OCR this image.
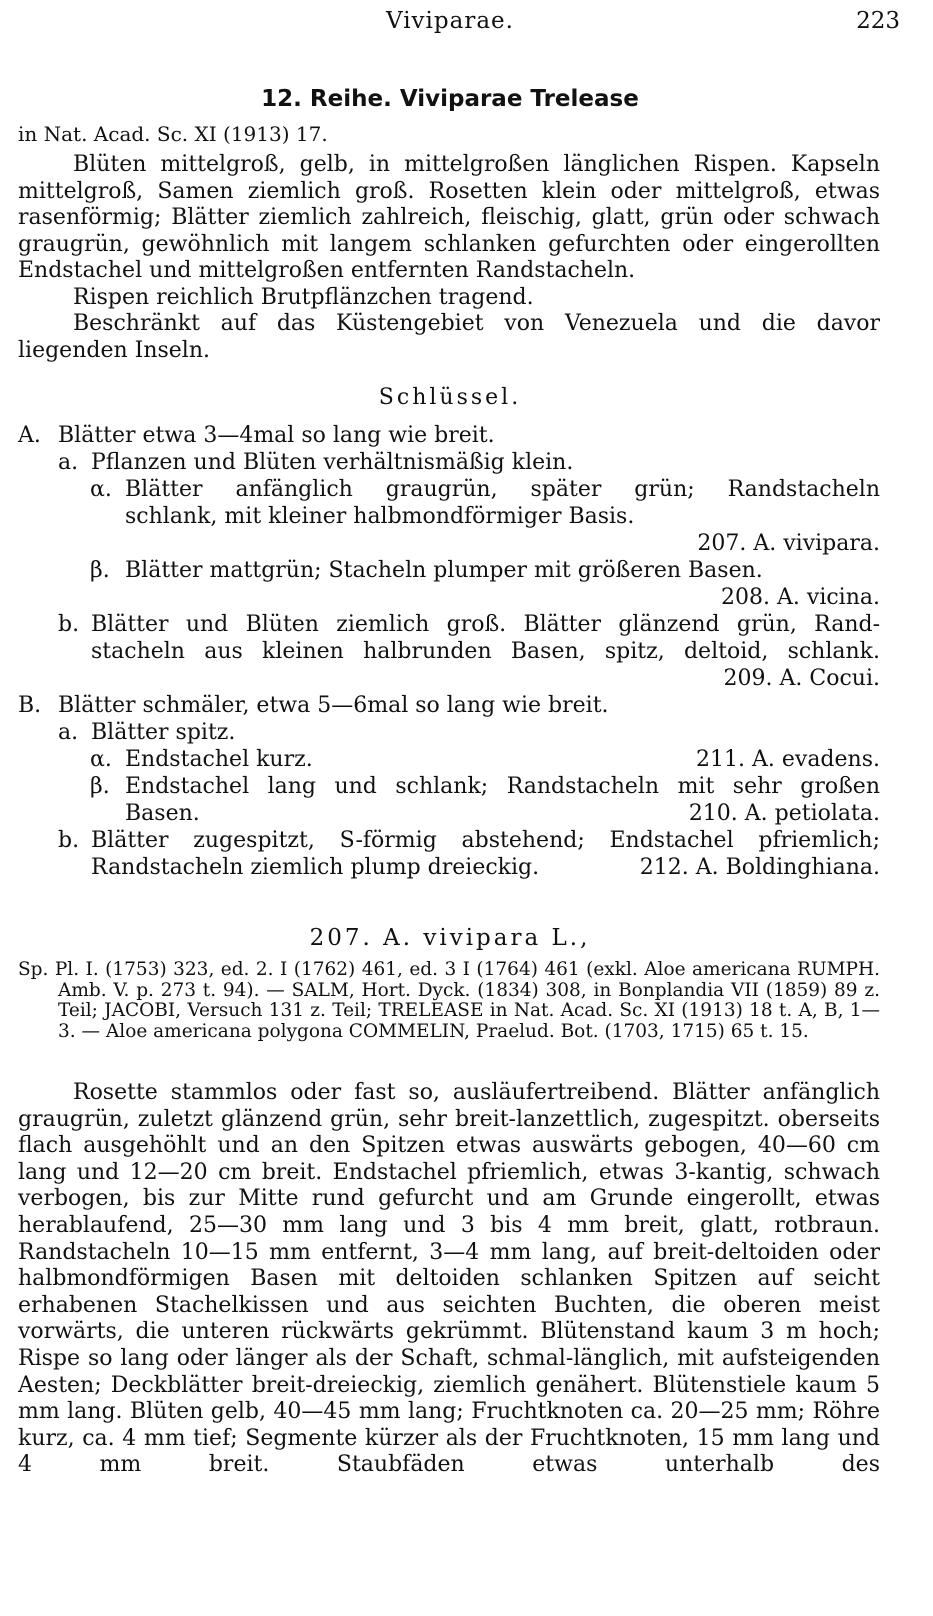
Viviparae.	223
12. Reihe. Viviparae Trelease
in Nat. Acad. Sc. XI (1913) 17.

Blüten mittelgroß, gelb, in mittelgroßen länglichen Rispen. Kapseln mittelgroß, Samen ziemlich groß. Rosetten klein oder mittelgroß, etwas rasenförmig; Blätter ziemlich zahlreich, fleischig, glatt, grün oder schwach graugrün, gewöhnlich mit langem schlanken gefurchten oder eingerollten Endstachel und mittelgroßen entfernten Randstacheln.

Rispen reichlich Brutpflänzchen tragend.

Beschränkt auf das Küstengebiet von Venezuela und die davor liegenden Inseln.

Schlüssel.
A. Blätter etwa 3—4mal so lang wie breit.
a. Pflanzen und Blüten verhältnismäßig klein.
α. Blätter anfänglich graugrün, später grün; Randstacheln
schlank, mit kleiner halbmondförmiger Basis.
207. A. vivipara.
β. Blätter mattgrün; Stacheln plumper mit größeren Basen.
208. A. vicina.
b. Blätter und Blüten ziemlich groß. Blätter glänzend grün, Rand-
stacheln aus kleinen halbrunden Basen, spitz, deltoid, schlank.
209. A. Cocui.
B. Blätter schmäler, etwa 5—6mal so lang wie breit.
a. Blätter spitz.
α. Endstachel kurz.	211. A. evadens.
β. Endstachel lang und schlank; Randstacheln mit sehr großen
Basen.	210. A. petiolata.
b. Blätter zugespitzt, S-förmig abstehend; Endstachel pfriemlich;
Randstacheln ziemlich plump dreieckig.	212. A. Boldinghiana.
207. A. vivipara L.,

Sp. Pl. I. (1753) 323, ed. 2. I (1762) 461, ed. 3 I (1764) 461 (exkl. Aloe americana RUMPH. Amb. V. p. 273 t. 94). — SALM, Hort. Dyck. (1834) 308, in Bonplandia VII (1859) 89 z. Teil; JACOBI, Versuch 131 z. Teil; TRELEASE in Nat. Acad. Sc. XI (1913) 18 t. A, B, 1—3. — Aloe americana polygona COMMELIN, Praelud. Bot. (1703, 1715) 65 t. 15.

Rosette stammlos oder fast so, ausläufertreibend. Blätter anfänglich graugrün, zuletzt glänzend grün, sehr breit-lanzettlich, zugespitzt. oberseits flach ausgehöhlt und an den Spitzen etwas auswärts gebogen, 40—60 cm lang und 12—20 cm breit. Endstachel pfriemlich, etwas 3-kantig, schwach verbogen, bis zur Mitte rund gefurcht und am Grunde eingerollt, etwas herablaufend, 25—30 mm lang und 3 bis 4 mm breit, glatt, rotbraun. Randstacheln 10—15 mm entfernt, 3—4 mm lang, auf breit-deltoiden oder halbmondförmigen Basen mit deltoiden schlanken Spitzen auf seicht erhabenen Stachelkissen und aus seichten Buchten, die oberen meist vorwärts, die unteren rückwärts gekrümmt. Blütenstand kaum 3 m hoch; Rispe so lang oder länger als der Schaft, schmal-länglich, mit aufsteigenden Aesten; Deckblätter breit-dreieckig, ziemlich genähert. Blütenstiele kaum 5 mm lang. Blüten gelb, 40—45 mm lang; Fruchtknoten ca. 20—25 mm; Röhre kurz, ca. 4 mm tief; Segmente kürzer als der Fruchtknoten, 15 mm lang und 4 mm breit. Staubfäden etwas unterhalb des
